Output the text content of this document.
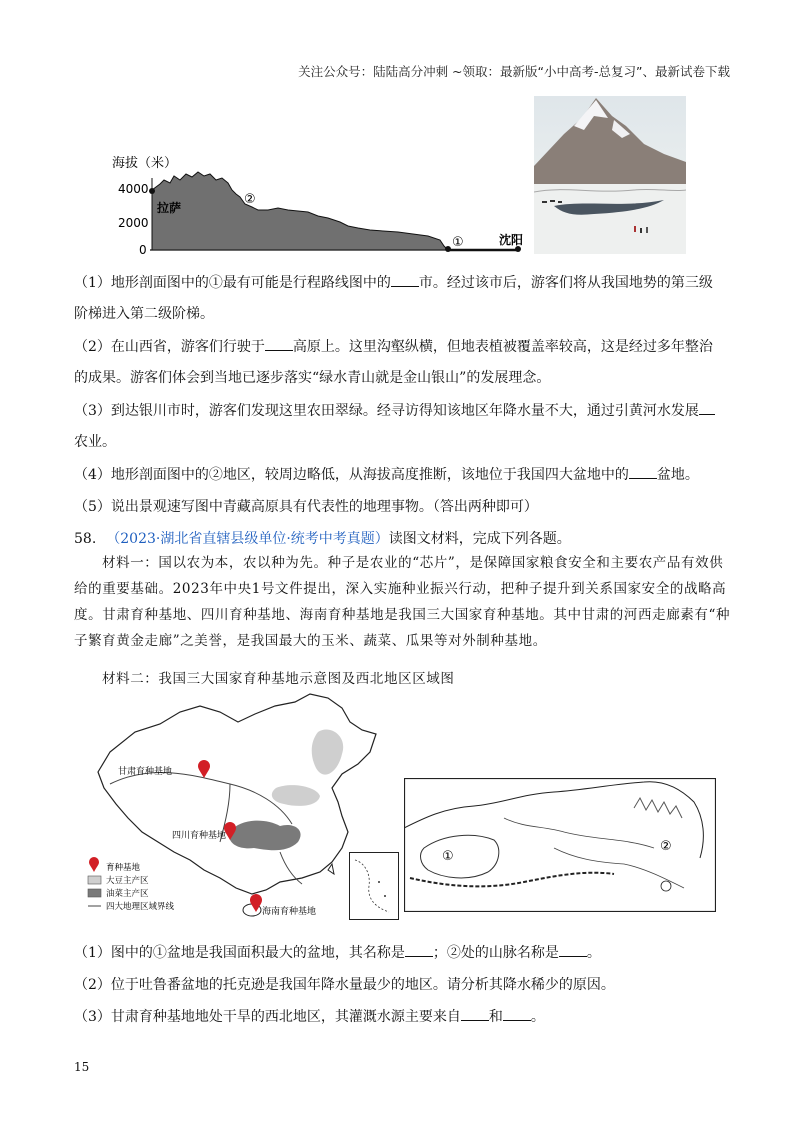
关注公众号：陆陆高分冲刺 ~领取：最新版“小中高考-总复习”、最新试卷下载
海拔（米）
4000
2000
0
拉萨
②
①	沈阳
（1）地形剖面图中的①最有可能是行程路线图中的 市。经过该市后，游客们将从我国地势的第三级
阶梯进入第二级阶梯。
（2）在山西省，游客们行驶于 高原上。这里沟壑纵横，但地表植被覆盖率较高，这是经过多年整治
的成果。游客们体会到当地已逐步落实“绿水青山就是金山银山”的发展理念。
（3）到达银川市时，游客们发现这里农田翠绿。经寻访得知该地区年降水量不大，通过引黄河水发展
农业。
（4）地形剖面图中的②地区，较周边略低，从海拔高度推断，该地位于我国四大盆地中的 盆地。
（5）说出景观速写图中青藏高原具有代表性的地理事物。（答出两种即可）
58. （2023·湖北省直辖县级单位·统考中考真题）读图文材料，完成下列各题。
材料一：国以农为本，农以种为先。种子是农业的“芯片”，是保障国家粮食安全和主要农产品有效供给的重要基础。2023年中央1号文件提出，深入实施种业振兴行动，把种子提升到关系国家安全的战略高度。甘肃育种基地、四川育种基地、海南育种基地是我国三大国家育种基地。其中甘肃的河西走廊素有“种子繁育黄金走廊”之美誉，是我国最大的玉米、蔬菜、瓜果等对外制种基地。
材料二：我国三大国家育种基地示意图及西北地区区域图
甘肃育种基地
四川育种基地
海南育种基地
育种基地
大豆主产区
油菜主产区
四大地理区域界线
①
②
（1）图中的①盆地是我国面积最大的盆地，其名称是 ；②处的山脉名称是 。
（2）位于吐鲁番盆地的托克逊是我国年降水量最少的地区。请分析其降水稀少的原因。
（3）甘肃育种基地地处干旱的西北地区，其灌溉水源主要来自 和 。
15
